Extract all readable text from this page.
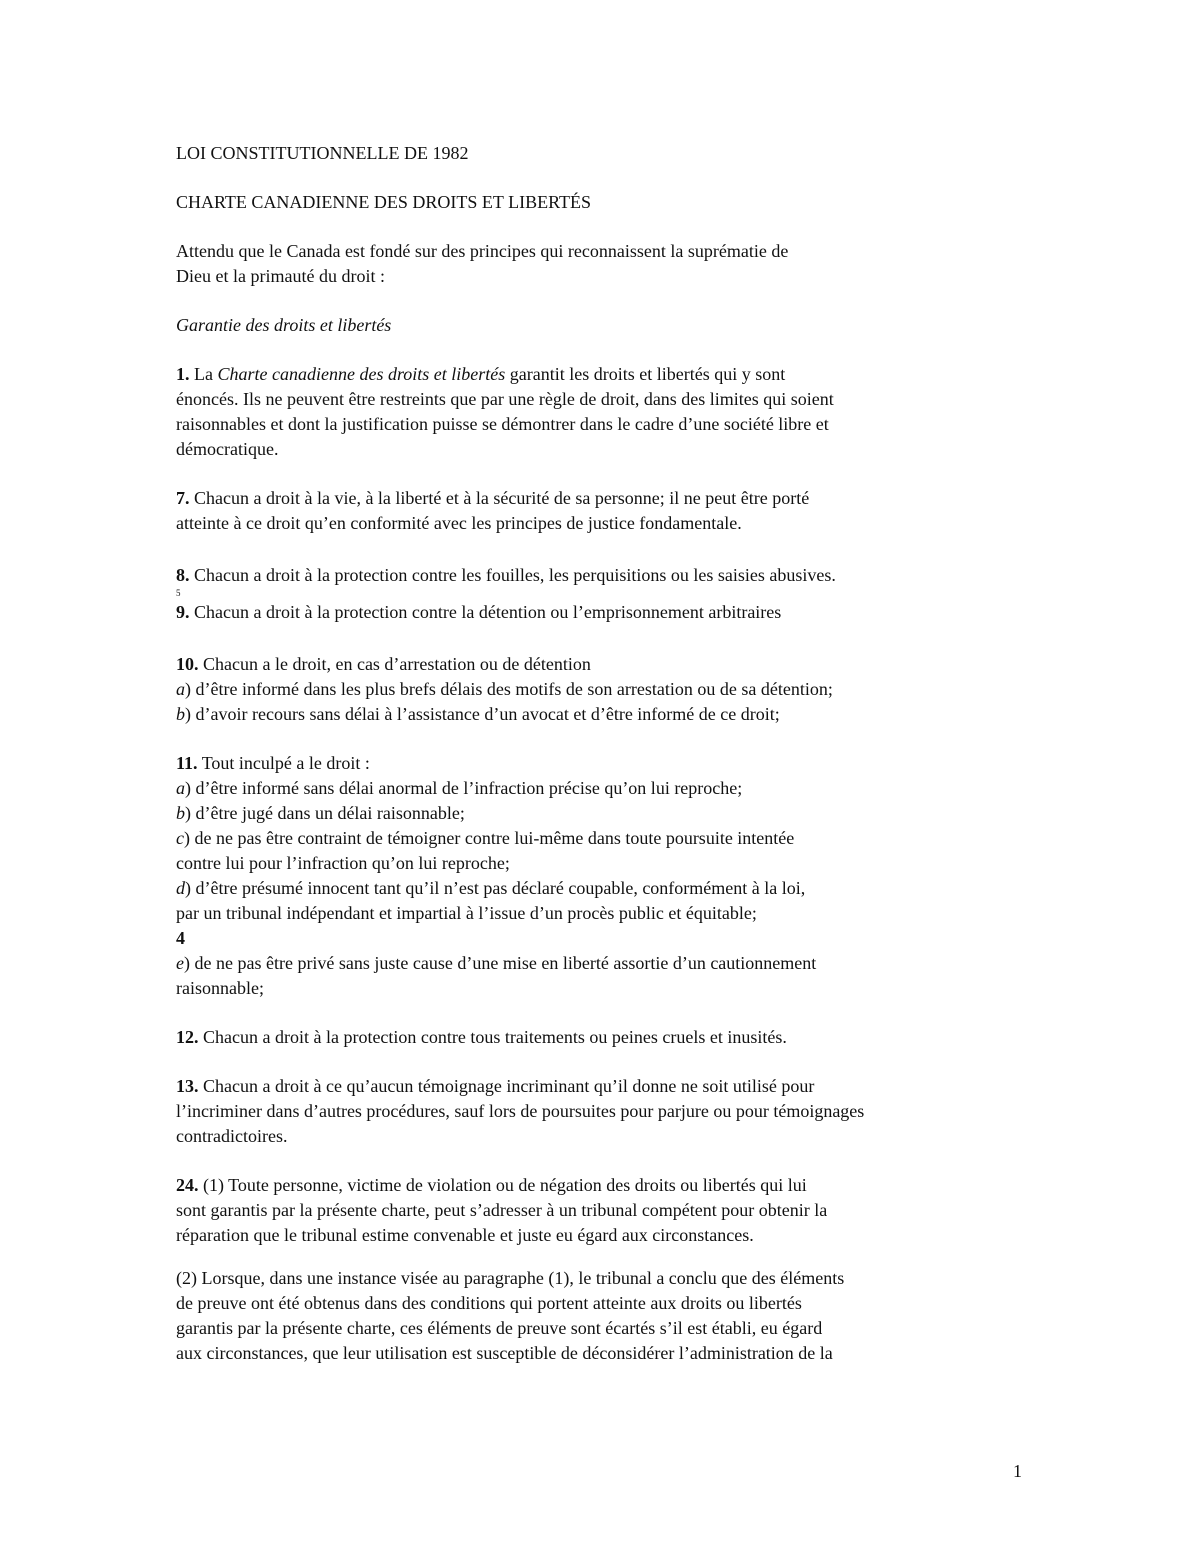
LOI CONSTITUTIONNELLE DE 1982
CHARTE CANADIENNE DES DROITS ET LIBERTÉS
Attendu que le Canada est fondé sur des principes qui reconnaissent la suprématie de
Dieu et la primauté du droit :
Garantie des droits et libertés
1. La Charte canadienne des droits et libertés garantit les droits et libertés qui y sont
énoncés. Ils ne peuvent être restreints que par une règle de droit, dans des limites qui soient
raisonnables et dont la justification puisse se démontrer dans le cadre d’une société libre et
démocratique.
7. Chacun a droit à la vie, à la liberté et à la sécurité de sa personne; il ne peut être porté
atteinte à ce droit qu’en conformité avec les principes de justice fondamentale.
8. Chacun a droit à la protection contre les fouilles, les perquisitions ou les saisies abusives.
5
9. Chacun a droit à la protection contre la détention ou l’emprisonnement arbitraires
10. Chacun a le droit, en cas d’arrestation ou de détention
a) d’être informé dans les plus brefs délais des motifs de son arrestation ou de sa détention;
b) d’avoir recours sans délai à l’assistance d’un avocat et d’être informé de ce droit;
11. Tout inculpé a le droit :
a) d’être informé sans délai anormal de l’infraction précise qu’on lui reproche;
b) d’être jugé dans un délai raisonnable;
c) de ne pas être contraint de témoigner contre lui-même dans toute poursuite intentée
contre lui pour l’infraction qu’on lui reproche;
d) d’être présumé innocent tant qu’il n’est pas déclaré coupable, conformément à la loi,
par un tribunal indépendant et impartial à l’issue d’un procès public et équitable;
4
e) de ne pas être privé sans juste cause d’une mise en liberté assortie d’un cautionnement
raisonnable;
12. Chacun a droit à la protection contre tous traitements ou peines cruels et inusités.
13. Chacun a droit à ce qu’aucun témoignage incriminant qu’il donne ne soit utilisé pour
l’incriminer dans d’autres procédures, sauf lors de poursuites pour parjure ou pour témoignages
contradictoires.
24. (1) Toute personne, victime de violation ou de négation des droits ou libertés qui lui
sont garantis par la présente charte, peut s’adresser à un tribunal compétent pour obtenir la
réparation que le tribunal estime convenable et juste eu égard aux circonstances.
(2) Lorsque, dans une instance visée au paragraphe (1), le tribunal a conclu que des éléments
de preuve ont été obtenus dans des conditions qui portent atteinte aux droits ou libertés
garantis par la présente charte, ces éléments de preuve sont écartés s’il est établi, eu égard
aux circonstances, que leur utilisation est susceptible de déconsidérer l’administration de la
1
